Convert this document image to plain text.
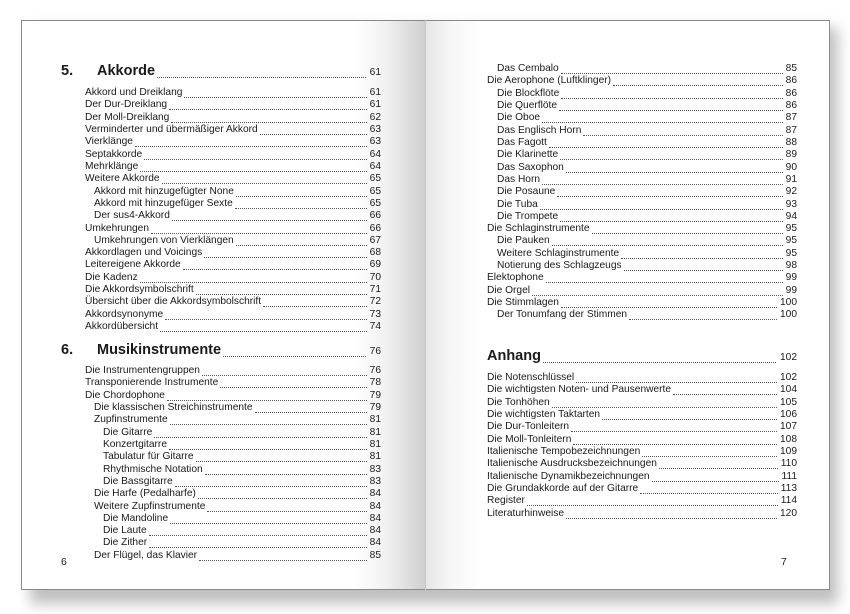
5.	Akkorde	61
Akkord und Dreiklang	61
Der Dur-Dreiklang	61
Der Moll-Dreiklang	62
Verminderter und übermäßiger Akkord	63
Vierklänge	63
Septakkorde	64
Mehrklänge	64
Weitere Akkorde	65
Akkord mit hinzugefügter None	65
Akkord mit hinzugefüger Sexte	65
Der sus4-Akkord	66
Umkehrungen	66
Umkehrungen von Vierklängen	67
Akkordlagen und Voicings	68
Leitereigene Akkorde	69
Die Kadenz	70
Die Akkordsymbolschrift	71
Übersicht über die Akkordsymbolschrift	72
Akkordsynonyme	73
Akkordübersicht	74
6.	Musikinstrumente	76
Die Instrumentengruppen	76
Transponierende Instrumente	78
Die Chordophone	79
Die klassischen Streichinstrumente	79
Zupfinstrumente	81
Die Gitarre	81
Konzertgitarre	81
Tabulatur für Gitarre	81
Rhythmische Notation	83
Die Bassgitarre	83
Die Harfe (Pedalharfe)	84
Weitere Zupfinstrumente	84
Die Mandoline	84
Die Laute	84
Die Zither	84
Der Flügel, das Klavier	85
Das Cembalo	85
Die Aerophone (Luftklinger)	86
Die Blockflöte	86
Die Querflöte	86
Die Oboe	87
Das Englisch Horn	87
Das Fagott	88
Die Klarinette	89
Das Saxophon	90
Das Horn	91
Die Posaune	92
Die Tuba	93
Die Trompete	94
Die Schlaginstrumente	95
Die Pauken	95
Weitere Schlaginstrumente	95
Notierung des Schlagzeugs	98
Elektophone	99
Die Orgel	99
Die Stimmlagen	100
Der Tonumfang der Stimmen	100
Anhang	102
Die Notenschlüssel	102
Die wichtigsten Noten- und Pausenwerte	104
Die Tonhöhen	105
Die wichtigsten Taktarten	106
Die Dur-Tonleitern	107
Die Moll-Tonleitern	108
Italienische Tempobezeichnungen	109
Italienische Ausdrucksbezeichnungen	110
Italienische Dynamikbezeichnungen	111
Die Grundakkorde auf der Gitarre	113
Register	114
Literaturhinweise	120
6	7
